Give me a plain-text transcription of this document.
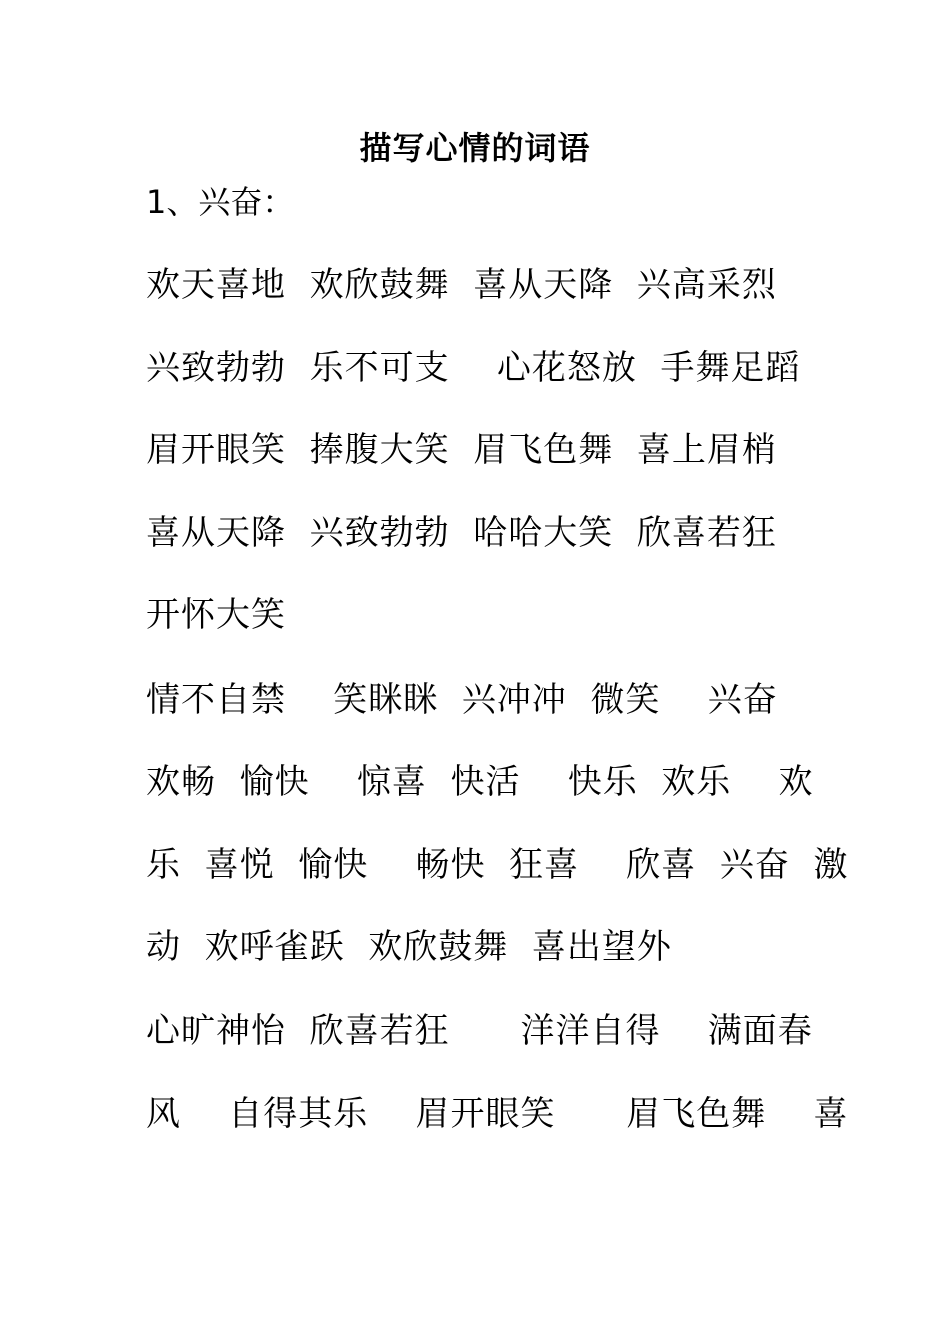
描写心情的词语
1、兴奋：
欢天喜地  欢欣鼓舞  喜从天降  兴高采烈
兴致勃勃  乐不可支    心花怒放  手舞足蹈
眉开眼笑  捧腹大笑  眉飞色舞  喜上眉梢
喜从天降  兴致勃勃  哈哈大笑  欣喜若狂
开怀大笑
情不自禁    笑眯眯  兴冲冲  微笑    兴奋
欢畅  愉快    惊喜  快活    快乐  欢乐    欢
乐  喜悦  愉快    畅快  狂喜    欣喜  兴奋  激
动  欢呼雀跃  欢欣鼓舞  喜出望外
心旷神怡  欣喜若狂      洋洋自得    满面春
风    自得其乐    眉开眼笑      眉飞色舞    喜
